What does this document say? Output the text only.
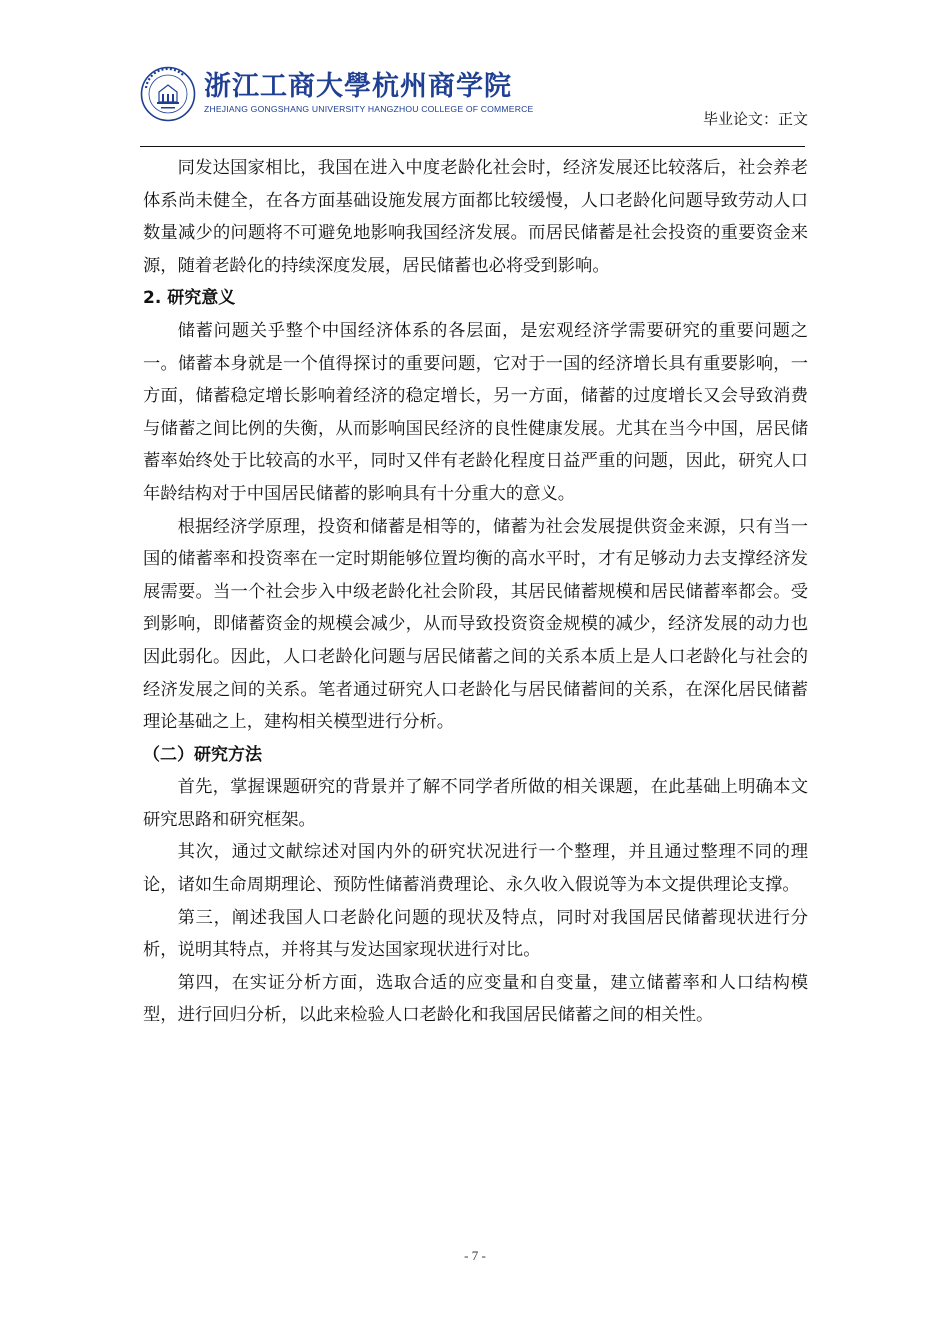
浙江工商大學杭州商学院
ZHEJIANG GONGSHANG UNIVERSITY HANGZHOU COLLEGE OF COMMERCE
毕业论文：正文

同发达国家相比，我国在进入中度老龄化社会时，经济发展还比较落后，社会养老体系尚未健全，在各方面基础设施发展方面都比较缓慢，人口老龄化问题导致劳动人口数量减少的问题将不可避免地影响我国经济发展。而居民储蓄是社会投资的重要资金来源，随着老龄化的持续深度发展，居民储蓄也必将受到影响。

2. 研究意义

储蓄问题关乎整个中国经济体系的各层面，是宏观经济学需要研究的重要问题之一。储蓄本身就是一个值得探讨的重要问题，它对于一国的经济增长具有重要影响，一方面，储蓄稳定增长影响着经济的稳定增长，另一方面，储蓄的过度增长又会导致消费与储蓄之间比例的失衡，从而影响国民经济的良性健康发展。尤其在当今中国，居民储蓄率始终处于比较高的水平，同时又伴有老龄化程度日益严重的问题，因此，研究人口年龄结构对于中国居民储蓄的影响具有十分重大的意义。

根据经济学原理，投资和储蓄是相等的，储蓄为社会发展提供资金来源，只有当一国的储蓄率和投资率在一定时期能够位置均衡的高水平时，才有足够动力去支撑经济发展需要。当一个社会步入中级老龄化社会阶段，其居民储蓄规模和居民储蓄率都会。受到影响，即储蓄资金的规模会减少，从而导致投资资金规模的减少，经济发展的动力也因此弱化。因此，人口老龄化问题与居民储蓄之间的关系本质上是人口老龄化与社会的经济发展之间的关系。笔者通过研究人口老龄化与居民储蓄间的关系，在深化居民储蓄理论基础之上，建构相关模型进行分析。

（二）研究方法

首先，掌握课题研究的背景并了解不同学者所做的相关课题，在此基础上明确本文研究思路和研究框架。

其次，通过文献综述对国内外的研究状况进行一个整理，并且通过整理不同的理论，诸如生命周期理论、预防性储蓄消费理论、永久收入假说等为本文提供理论支撑。

第三，阐述我国人口老龄化问题的现状及特点，同时对我国居民储蓄现状进行分析，说明其特点，并将其与发达国家现状进行对比。

第四，在实证分析方面，选取合适的应变量和自变量，建立储蓄率和人口结构模型，进行回归分析，以此来检验人口老龄化和我国居民储蓄之间的相关性。

- 7 -
